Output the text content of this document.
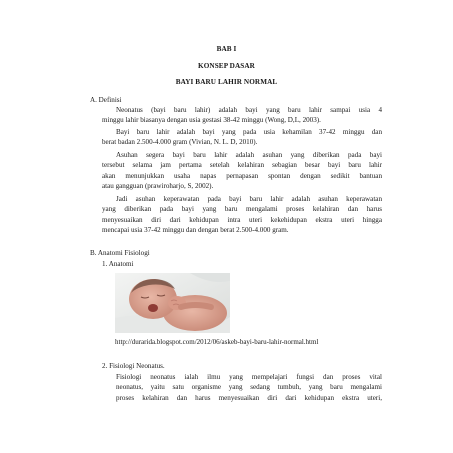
BAB I
KONSEP DASAR
BAYI BARU LAHIR NORMAL
A. Definisi
Neonatus (bayi baru lahir) adalah bayi yang baru lahir sampai usia 4
minggu lahir biasanya dengan usia gestasi 38-42 minggu (Wong, D,L, 2003).
Bayi baru lahir adalah bayi yang pada usia kehamilan 37-42 minggu dan
berat badan 2.500-4.000 gram (Vivian, N. L. D, 2010).
Asuhan segera bayi baru lahir adalah asuhan yang diberikan pada bayi
tersebut selama jam pertama setelah kelahiran sebagian besar bayi baru lahir
akan menunjukkan usaha napas pernapasan spontan dengan sedikit bantuan
atau gangguan (prawiroharjo, S, 2002).
Jadi asuhan keperawatan pada bayi baru lahir adalah asuhan keperawatan
yang diberikan pada bayi yang baru mengalami proses kelahiran dan harus
menyesuaikan diri dari kehidupan intra uteri kekehidupan ekstra uteri hingga
mencapai usia 37-42 minggu dan dengan berat 2.500-4.000 gram.
B. Anatomi Fisiologi
1. Anatomi
http://durarida.blogspot.com/2012/06/askeb-bayi-baru-lahir-normal.html
2. Fisiologi Neonatus.
Fisiologi neonatus ialah ilmu yang mempelajari fungsi dan proses vital
neonatus, yaitu satu organisme yang sedang tumbuh, yang baru mengalami
proses kelahiran dan harus menyesuaikan diri dari kehidupan ekstra uteri,
